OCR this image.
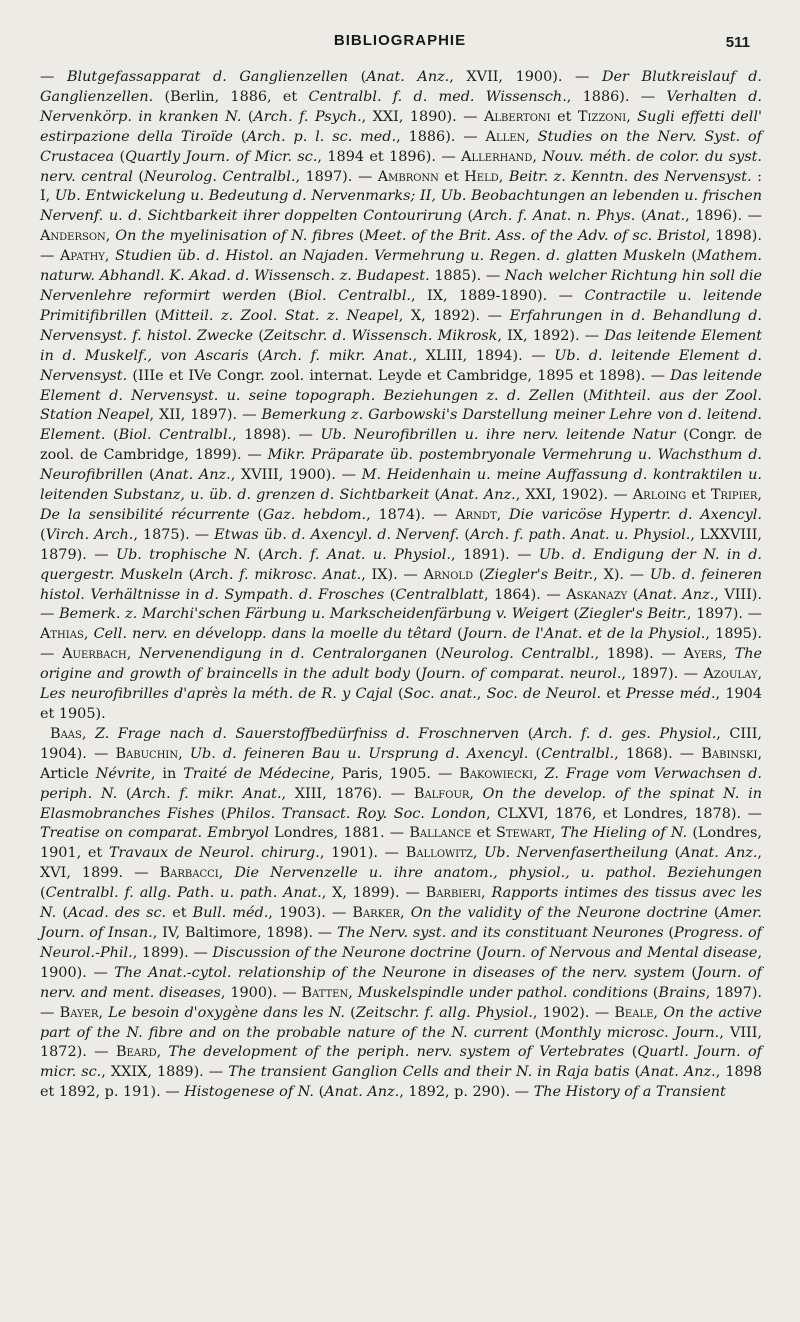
BIBLIOGRAPHIE	511

— Blutgefassapparat d. Ganglienzellen (Anat. Anz., XVII, 1900). — Der Blutkreislauf d. Ganglienzellen. (Berlin, 1886, et Centralbl. f. d. med. Wissensch., 1886). — Verhalten d. Nervenkörp. in kranken N. (Arch. f. Psych., XXI, 1890). — Albertoni et Tizzoni, Sugli effetti dell' estirpazione della Tiroïde (Arch. p. l. sc. med., 1886). — Allen, Studies on the Nerv. Syst. of Crustacea (Quartly Journ. of Micr. sc., 1894 et 1896). — Allerhand, Nouv. méth. de color. du syst. nerv. central (Neurolog. Centralbl., 1897). — Ambronn et Held, Beitr. z. Kenntn. des Nervensyst. : I, Ub. Entwickelung u. Bedeutung d. Nervenmarks; II, Ub. Beobachtungen an lebenden u. frischen Nervenf. u. d. Sichtbarkeit ihrer doppelten Contourirung (Arch. f. Anat. n. Phys. (Anat., 1896). — Anderson, On the myelinisation of N. fibres (Meet. of the Brit. Ass. of the Adv. of sc. Bristol, 1898). — Apathy, Studien üb. d. Histol. an Najaden. Vermehrung u. Regen. d. glatten Muskeln (Mathem. naturw. Abhandl. K. Akad. d. Wissensch. z. Budapest. 1885). — Nach welcher Richtung hin soll die Nervenlehre reformirt werden (Biol. Centralbl., IX, 1889-1890). — Contractile u. leitende Primitifibrillen (Mitteil. z. Zool. Stat. z. Neapel, X, 1892). — Erfahrungen in d. Behandlung d. Nervensyst. f. histol. Zwecke (Zeitschr. d. Wissensch. Mikrosk, IX, 1892). — Das leitende Element in d. Muskelf., von Ascaris (Arch. f. mikr. Anat., XLIII, 1894). — Ub. d. leitende Element d. Nervensyst. (IIIe et IVe Congr. zool. internat. Leyde et Cambridge, 1895 et 1898). — Das leitende Element d. Nervensyst. u. seine topograph. Beziehungen z. d. Zellen (Mithteil. aus der Zool. Station Neapel, XII, 1897). — Bemerkung z. Garbowski's Darstellung meiner Lehre von d. leitend. Element. (Biol. Centralbl., 1898). — Ub. Neurofibrillen u. ihre nerv. leitende Natur (Congr. de zool. de Cambridge, 1899). — Mikr. Präparate üb. postembryonale Vermehrung u. Wachsthum d. Neurofibrillen (Anat. Anz., XVIII, 1900). — M. Heidenhain u. meine Auffassung d. kontraktilen u. leitenden Substanz, u. üb. d. grenzen d. Sichtbarkeit (Anat. Anz., XXI, 1902). — Arloing et Tripier, De la sensibilité récurrente (Gaz. hebdom., 1874). — Arndt, Die varicöse Hypertr. d. Axencyl. (Virch. Arch., 1875). — Etwas üb. d. Axencyl. d. Nervenf. (Arch. f. path. Anat. u. Physiol., LXXVIII, 1879). — Ub. trophische N. (Arch. f. Anat. u. Physiol., 1891). — Ub. d. Endigung der N. in d. quergestr. Muskeln (Arch. f. mikrosc. Anat., IX). — Arnold (Ziegler's Beitr., X). — Ub. d. feineren histol. Verhältnisse in d. Sympath. d. Frosches (Centralblatt, 1864). — Askanazy (Anat. Anz., VIII). — Bemerk. z. Marchi'schen Färbung u. Markscheidenfärbung v. Weigert (Ziegler's Beitr., 1897). — Athias, Cell. nerv. en développ. dans la moelle du têtard (Journ. de l'Anat. et de la Physiol., 1895). — Auerbach, Nervenendigung in d. Centralorganen (Neurolog. Centralbl., 1898). — Ayers, The origine and growth of braincells in the adult body (Journ. of comparat. neurol., 1897). — Azoulay, Les neurofibrilles d'après la méth. de R. y Cajal (Soc. anat., Soc. de Neurol. et Presse méd., 1904 et 1905).

Baas, Z. Frage nach d. Sauerstoffbedürfniss d. Froschnerven (Arch. f. d. ges. Physiol., CIII, 1904). — Babuchin, Ub. d. feineren Bau u. Ursprung d. Axencyl. (Centralbl., 1868). — Babinski, Article Névrite, in Traité de Médecine, Paris, 1905. — Bakowiecki, Z. Frage vom Verwachsen d. periph. N. (Arch. f. mikr. Anat., XIII, 1876). — Balfour, On the develop. of the spinat N. in Elasmobranches Fishes (Philos. Transact. Roy. Soc. London, CLXVI, 1876, et Londres, 1878). — Treatise on comparat. Embryol Londres, 1881. — Ballance et Stewart, The Hieling of N. (Londres, 1901, et Travaux de Neurol. chirurg., 1901). — Ballowitz, Ub. Nervenfasertheilung (Anat. Anz., XVI, 1899. — Barbacci, Die Nervenzelle u. ihre anatom., physiol., u. pathol. Beziehungen (Centralbl. f. allg. Path. u. path. Anat., X, 1899). — Barbieri, Rapports intimes des tissus avec les N. (Acad. des sc. et Bull. méd., 1903). — Barker, On the validity of the Neurone doctrine (Amer. Journ. of Insan., IV, Baltimore, 1898). — The Nerv. syst. and its constituant Neurones (Progress. of Neurol.-Phil., 1899). — Discussion of the Neurone doctrine (Journ. of Nervous and Mental disease, 1900). — The Anat.-cytol. relationship of the Neurone in diseases of the nerv. system (Journ. of nerv. and ment. diseases, 1900). — Batten, Muskelspindle under pathol. conditions (Brains, 1897). — Bayer, Le besoin d'oxygène dans les N. (Zeitschr. f. allg. Physiol., 1902). — Beale, On the active part of the N. fibre and on the probable nature of the N. current (Monthly microsc. Journ., VIII, 1872). — Beard, The development of the periph. nerv. system of Vertebrates (Quartl. Journ. of micr. sc., XXIX, 1889). — The transient Ganglion Cells and their N. in Raja batis (Anat. Anz., 1898 et 1892, p. 191). — Histogenese of N. (Anat. Anz., 1892, p. 290). — The History of a Transient
